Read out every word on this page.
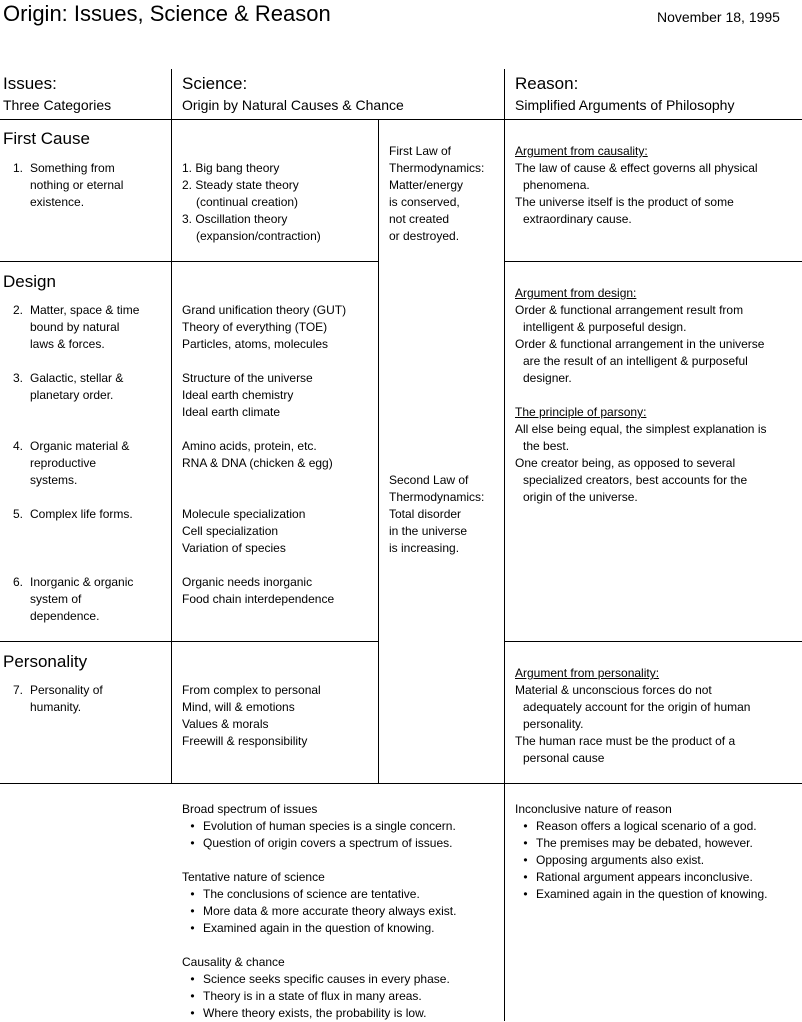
Origin: Issues, Science & Reason	November 18, 1995
Issues:
Three Categories
Science:
Origin by Natural Causes & Chance
Reason:
Simplified Arguments of Philosophy
First Cause
1. Something from
nothing or eternal
existence.
1. Big bang theory
2. Steady state theory
(continual creation)
3. Oscillation theory
(expansion/contraction)
First Law of
Thermodynamics:
Matter/energy
is conserved,
not created
or destroyed.
Argument from causality:
The law of cause & effect governs all physical
phenomena.
The universe itself is the product of some
extraordinary cause.
Design
2. Matter, space & time
bound by natural
laws & forces.
3. Galactic, stellar &
planetary order.
4. Organic material &
reproductive
systems.
5. Complex life forms.
6. Inorganic & organic
system of
dependence.
Grand unification theory (GUT)
Theory of everything (TOE)
Particles, atoms, molecules
Structure of the universe
Ideal earth chemistry
Ideal earth climate
Amino acids, protein, etc.
RNA & DNA (chicken & egg)
Molecule specialization
Cell specialization
Variation of species
Organic needs inorganic
Food chain interdependence
Second Law of
Thermodynamics:
Total disorder
in the universe
is increasing.
Argument from design:
Order & functional arrangement result from
intelligent & purposeful design.
Order & functional arrangement in the universe
are the result of an intelligent & purposeful
designer.
The principle of parsony:
All else being equal, the simplest explanation is
the best.
One creator being, as opposed to several
specialized creators, best accounts for the
origin of the universe.
Personality
7. Personality of
humanity.
From complex to personal
Mind, will & emotions
Values & morals
Freewill & responsibility
Argument from personality:
Material & unconscious forces do not
adequately account for the origin of human
personality.
The human race must be the product of a
personal cause
Broad spectrum of issues
• Evolution of human species is a single concern.
• Question of origin covers a spectrum of issues.
Tentative nature of science
• The conclusions of science are tentative.
• More data & more accurate theory always exist.
• Examined again in the question of knowing.
Causality & chance
• Science seeks specific causes in every phase.
• Theory is in a state of flux in many areas.
• Where theory exists, the probability is low.
Inconclusive nature of reason
• Reason offers a logical scenario of a god.
• The premises may be debated, however.
• Opposing arguments also exist.
• Rational argument appears inconclusive.
• Examined again in the question of knowing.
